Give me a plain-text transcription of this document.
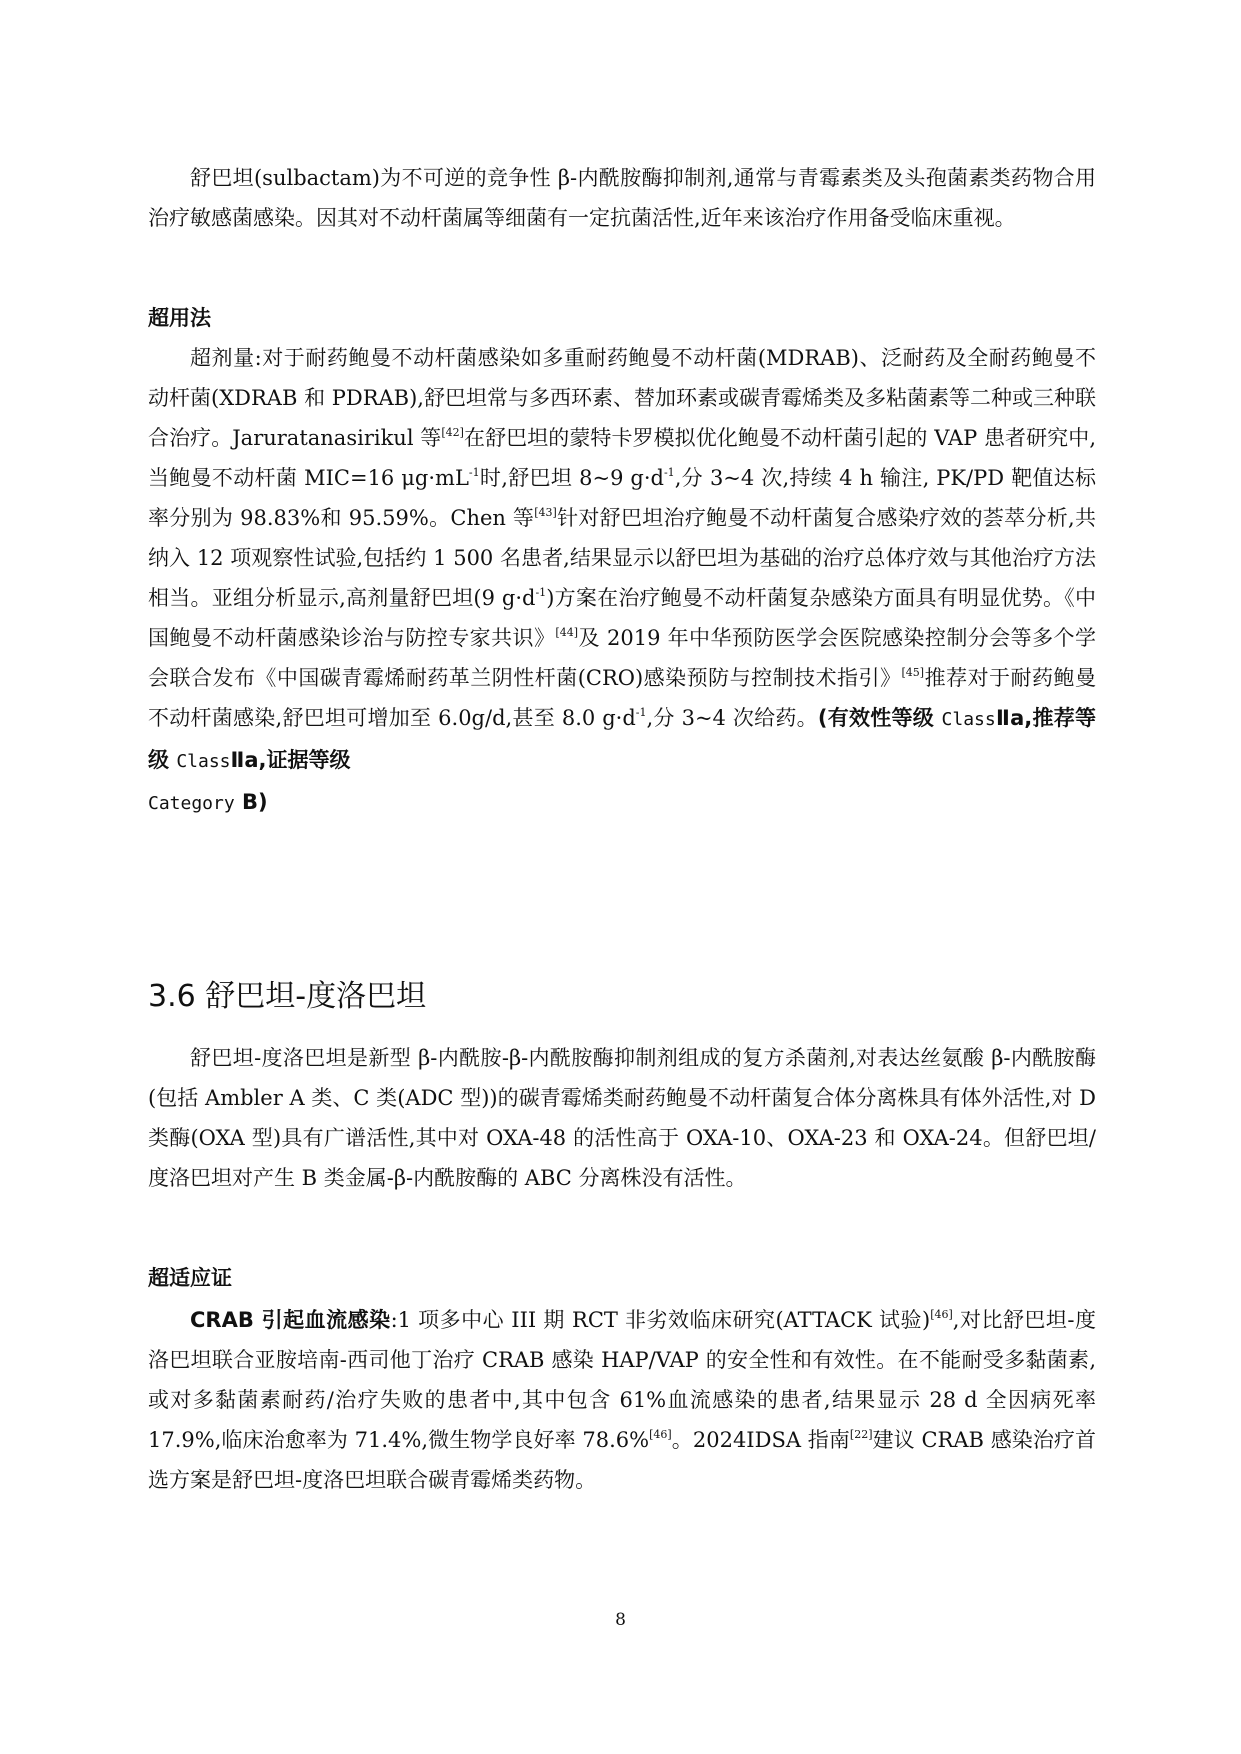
舒巴坦(sulbactam)为不可逆的竞争性 β-内酰胺酶抑制剂,通常与青霉素类及头孢菌素类药物合用治疗敏感菌感染。因其对不动杆菌属等细菌有一定抗菌活性,近年来该治疗作用备受临床重视。

超用法

超剂量:对于耐药鲍曼不动杆菌感染如多重耐药鲍曼不动杆菌(MDRAB)、泛耐药及全耐药鲍曼不动杆菌(XDRAB 和 PDRAB),舒巴坦常与多西环素、替加环素或碳青霉烯类及多粘菌素等二种或三种联合治疗。Jaruratanasirikul 等[42]在舒巴坦的蒙特卡罗模拟优化鲍曼不动杆菌引起的 VAP 患者研究中,当鲍曼不动杆菌 MIC=16 $\mu g\cdot mL^{-1}$时,舒巴坦 8~9 $g\cdot d^{-1}$,分 3~4 次,持续 4 h 输注, PK/PD 靶值达标率分别为 98.83%和 95.59%。Chen 等[43]针对舒巴坦治疗鲍曼不动杆菌复合感染疗效的荟萃分析,共纳入 12 项观察性试验,包括约 1 500 名患者,结果显示以舒巴坦为基础的治疗总体疗效与其他治疗方法相当。亚组分析显示,高剂量舒巴坦(9 $g\cdot d^{-1}$)方案在治疗鲍曼不动杆菌复杂感染方面具有明显优势。《中国鲍曼不动杆菌感染诊治与防控专家共识》[44]及 2019 年中华预防医学会医院感染控制分会等多个学会联合发布《中国碳青霉烯耐药革兰阴性杆菌(CRO)感染预防与控制技术指引》[45]推荐对于耐药鲍曼不动杆菌感染,舒巴坦可增加至 6.0g/d,甚至 8.0 $g\cdot d^{-1}$,分 3~4 次给药。(有效性等级 ClassⅡa,推荐等级 ClassⅡa,证据等级
Category B)

3.6 舒巴坦-度洛巴坦

舒巴坦-度洛巴坦是新型 β-内酰胺-β-内酰胺酶抑制剂组成的复方杀菌剂,对表达丝氨酸 β-内酰胺酶(包括 Ambler A 类、C 类(ADC 型))的碳青霉烯类耐药鲍曼不动杆菌复合体分离株具有体外活性,对 D 类酶(OXA 型)具有广谱活性,其中对 OXA-48 的活性高于 OXA-10、OXA-23 和 OXA-24。但舒巴坦/度洛巴坦对产生 B 类金属-β-内酰胺酶的 ABC 分离株没有活性。

超适应证

CRAB 引起血流感染:1 项多中心 III 期 RCT 非劣效临床研究(ATTACK 试验)[46],对比舒巴坦-度洛巴坦联合亚胺培南-西司他丁治疗 CRAB 感染 HAP/VAP 的安全性和有效性。在不能耐受多黏菌素,或对多黏菌素耐药/治疗失败的患者中,其中包含 61%血流感染的患者,结果显示 28 d 全因病死率 17.9%,临床治愈率为 71.4%,微生物学良好率 78.6%[46]。2024IDSA 指南[22]建议 CRAB 感染治疗首选方案是舒巴坦-度洛巴坦联合碳青霉烯类药物。

8
